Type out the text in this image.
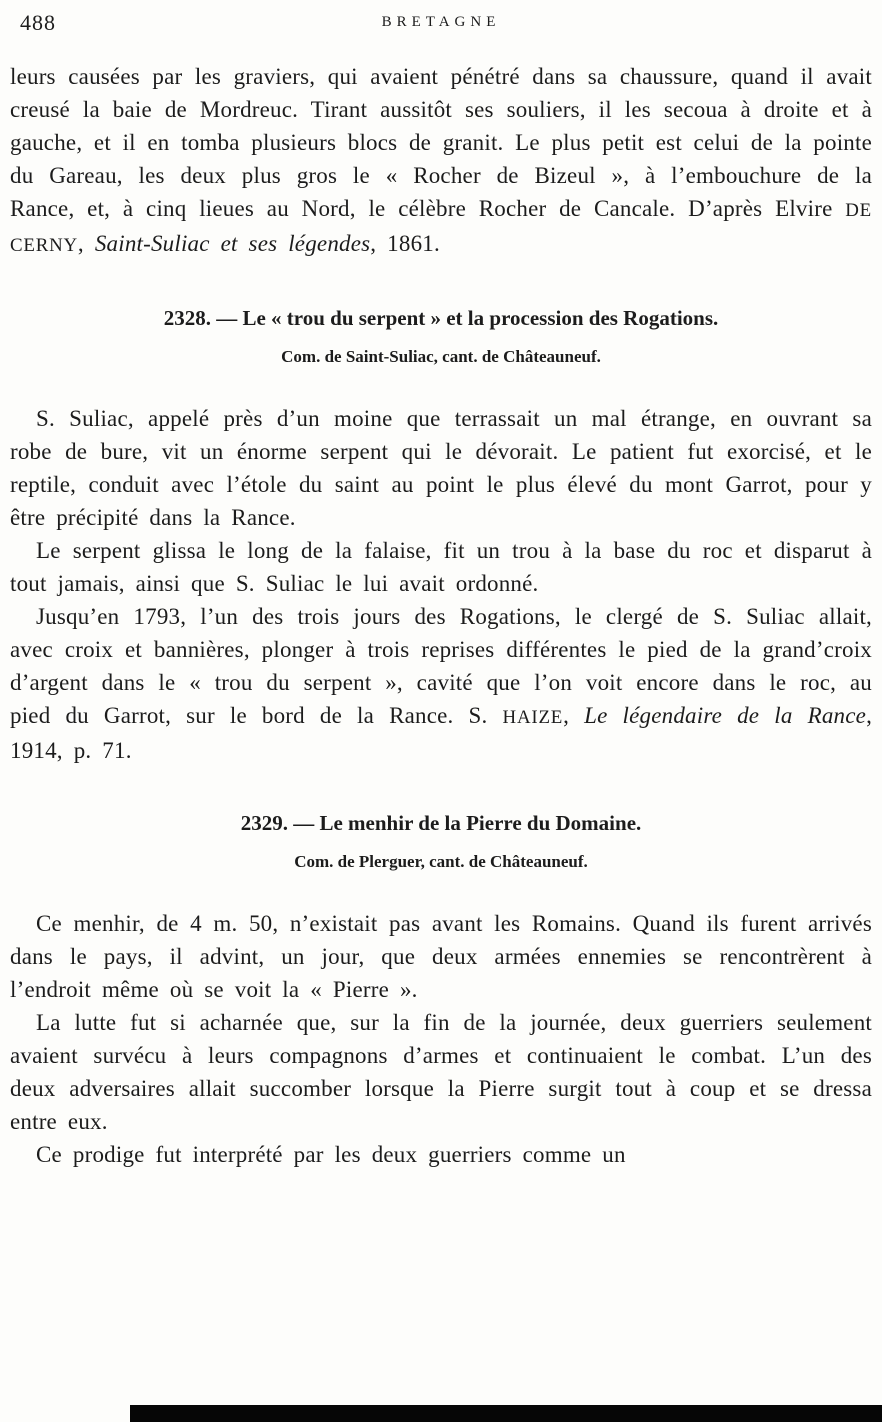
488	BRETAGNE

leurs causées par les graviers, qui avaient pénétré dans sa chaussure, quand il avait creusé la baie de Mordreuc. Tirant aussitôt ses souliers, il les secoua à droite et à gauche, et il en tomba plusieurs blocs de granit. Le plus petit est celui de la pointe du Gareau, les deux plus gros le « Rocher de Bizeul », à l’embouchure de la Rance, et, à cinq lieues au Nord, le célèbre Rocher de Cancale. D’après Elvire DE CERNY, Saint-Suliac et ses légendes, 1861.

2328. — Le « trou du serpent » et la procession des Rogations.
Com. de Saint-Suliac, cant. de Châteauneuf.

S. Suliac, appelé près d’un moine que terrassait un mal étrange, en ouvrant sa robe de bure, vit un énorme serpent qui le dévorait. Le patient fut exorcisé, et le reptile, conduit avec l’étole du saint au point le plus élevé du mont Garrot, pour y être précipité dans la Rance.

Le serpent glissa le long de la falaise, fit un trou à la base du roc et disparut à tout jamais, ainsi que S. Suliac le lui avait ordonné.

Jusqu’en 1793, l’un des trois jours des Rogations, le clergé de S. Suliac allait, avec croix et bannières, plonger à trois reprises différentes le pied de la grand’croix d’argent dans le « trou du serpent », cavité que l’on voit encore dans le roc, au pied du Garrot, sur le bord de la Rance. S. HAIZE, Le légendaire de la Rance, 1914, p. 71.

2329. — Le menhir de la Pierre du Domaine.
Com. de Plerguer, cant. de Châteauneuf.

Ce menhir, de 4 m. 50, n’existait pas avant les Romains. Quand ils furent arrivés dans le pays, il advint, un jour, que deux armées ennemies se rencontrèrent à l’endroit même où se voit la « Pierre ».

La lutte fut si acharnée que, sur la fin de la journée, deux guerriers seulement avaient survécu à leurs compagnons d’armes et continuaient le combat. L’un des deux adversaires allait succomber lorsque la Pierre surgit tout à coup et se dressa entre eux.

Ce prodige fut interprété par les deux guerriers comme un
